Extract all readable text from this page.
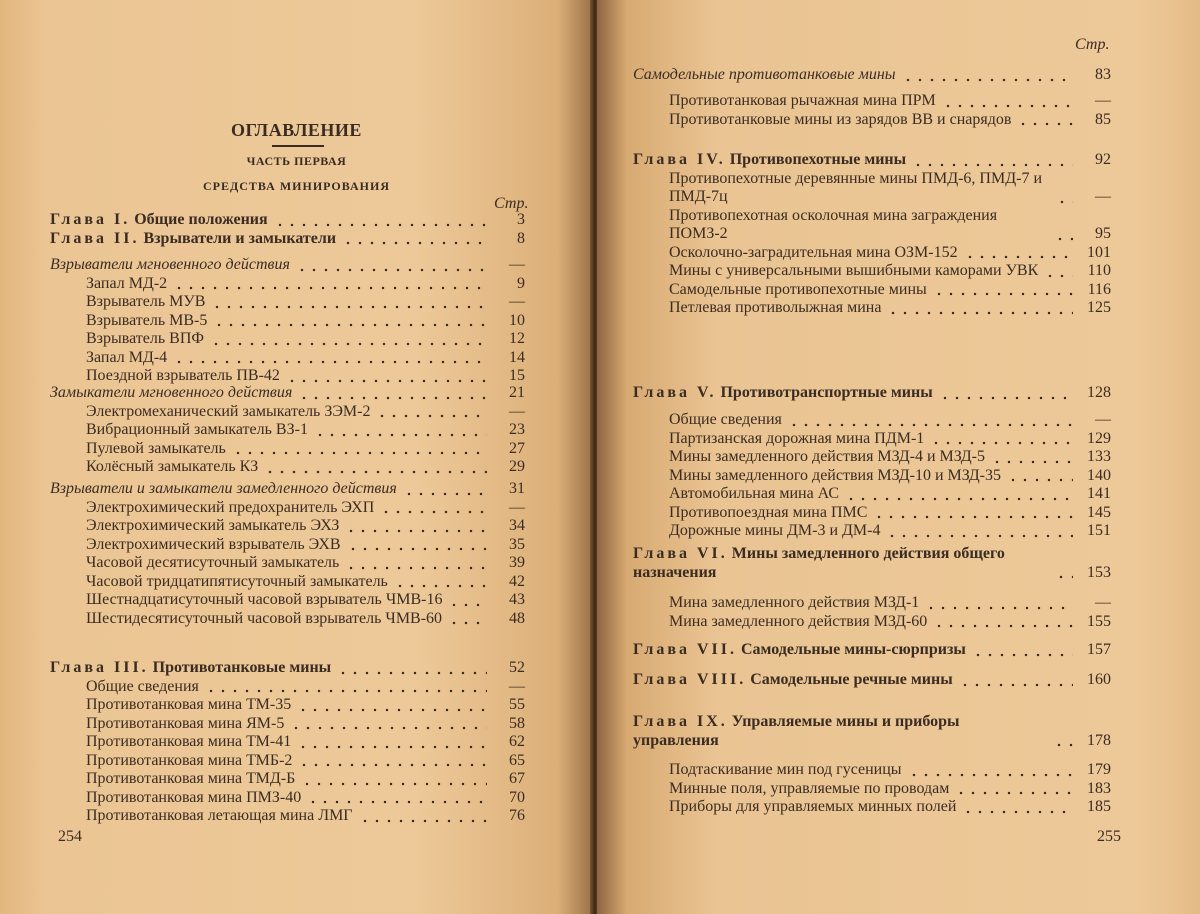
ОГЛАВЛЕНИЕ
ЧАСТЬ ПЕРВАЯ
СРЕДСТВА МИНИРОВАНИЯ
Стр.
Глава I. Общие положения	3
Глава II. Взрыватели и замыкатели	8
Взрыватели мгновенного действия	—
Запал МД-2	9
Взрыватель МУВ	—
Взрыватель МВ-5	10
Взрыватель ВПФ	12
Запал МД-4	14
Поездной взрыватель ПВ-42	15
Замыкатели мгновенного действия	21
Электромеханический замыкатель ЗЭМ-2	—
Вибрационный замыкатель ВЗ-1	23
Пулевой замыкатель	27
Колёсный замыкатель КЗ	29
Взрыватели и замыкатели замедленного действия	31
Электрохимический предохранитель ЭХП	—
Электрохимический замыкатель ЭХЗ	34
Электрохимический взрыватель ЭХВ	35
Часовой десятисуточный замыкатель	39
Часовой тридцатипятисуточный замыкатель	42
Шестнадцатисуточный часовой взрыватель ЧМВ-16	43
Шестидесятисуточный часовой взрыватель ЧМВ-60	48
Глава III. Противотанковые мины	52
Общие сведения	—
Противотанковая мина ТМ-35	55
Противотанковая мина ЯМ-5	58
Противотанковая мина ТМ-41	62
Противотанковая мина ТМБ-2	65
Противотанковая мина ТМД-Б	67
Противотанковая мина ПМЗ-40	70
Противотанковая летающая мина ЛМГ	76
254
Стр.
Самодельные противотанковые мины	83
Противотанковая рычажная мина ПРМ	—
Противотанковые мины из зарядов ВВ и снарядов	85
Глава IV. Противопехотные мины	92
Противопехотные деревянные мины ПМД-6, ПМД-7 и ПМД-7ц	—
Противопехотная осколочная мина заграждения ПОМЗ-2	95
Осколочно-заградительная мина ОЗМ-152	101
Мины с универсальными вышибными каморами УВК	110
Самодельные противопехотные мины	116
Петлевая противолыжная мина	125
Глава V. Противотранспортные мины	128
Общие сведения	—
Партизанская дорожная мина ПДМ-1	129
Мины замедленного действия МЗД-4 и МЗД-5	133
Мины замедленного действия МЗД-10 и МЗД-35	140
Автомобильная мина АС	141
Противопоездная мина ПМС	145
Дорожные мины ДМ-3 и ДМ-4	151
Глава VI. Мины замедленного действия общего назначения	153
Мина замедленного действия МЗД-1	—
Мина замедленного действия МЗД-60	155
Глава VII. Самодельные мины-сюрпризы	157
Глава VIII. Самодельные речные мины	160
Глава IX. Управляемые мины и приборы управления	178
Подтаскивание мин под гусеницы	179
Минные поля, управляемые по проводам	183
Приборы для управляемых минных полей	185
255
